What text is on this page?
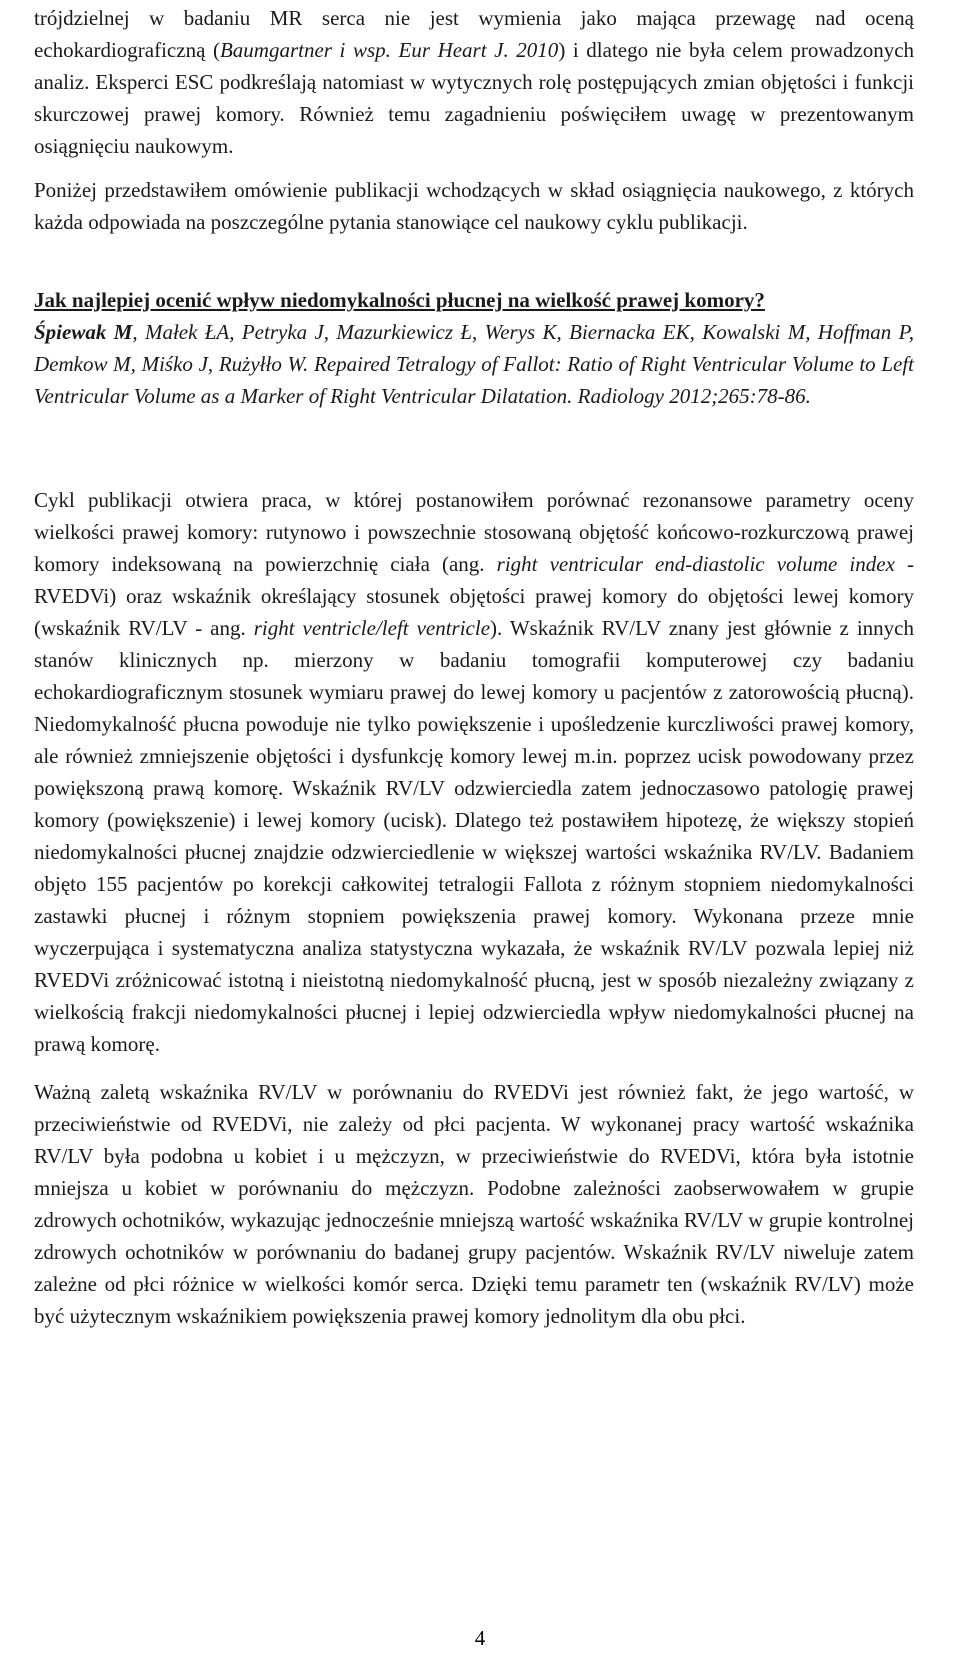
trójdzielnej w badaniu MR serca nie jest wymienia jako mająca przewagę nad oceną echokardiograficzną (Baumgartner i wsp. Eur Heart J. 2010) i dlatego nie była celem prowadzonych analiz. Eksperci ESC podkreślają natomiast w wytycznych rolę postępujących zmian objętości i funkcji skurczowej prawej komory. Również temu zagadnieniu poświęciłem uwagę w prezentowanym osiągnięciu naukowym.

Poniżej przedstawiłem omówienie publikacji wchodzących w skład osiągnięcia naukowego, z których każda odpowiada na poszczególne pytania stanowiące cel naukowy cyklu publikacji.

Jak najlepiej ocenić wpływ niedomykalności płucnej na wielkość prawej komory?

Śpiewak M, Małek ŁA, Petryka J, Mazurkiewicz Ł, Werys K, Biernacka EK, Kowalski M, Hoffman P, Demkow M, Miśko J, Rużyłło W. Repaired Tetralogy of Fallot: Ratio of Right Ventricular Volume to Left Ventricular Volume as a Marker of Right Ventricular Dilatation. Radiology 2012;265:78-86.

Cykl publikacji otwiera praca, w której postanowiłem porównać rezonansowe parametry oceny wielkości prawej komory: rutynowo i powszechnie stosowaną objętość końcowo-rozkurczową prawej komory indeksowaną na powierzchnię ciała (ang. right ventricular end-diastolic volume index - RVEDVi) oraz wskaźnik określający stosunek objętości prawej komory do objętości lewej komory (wskaźnik RV/LV - ang. right ventricle/left ventricle). Wskaźnik RV/LV znany jest głównie z innych stanów klinicznych np. mierzony w badaniu tomografii komputerowej czy badaniu echokardiograficznym stosunek wymiaru prawej do lewej komory u pacjentów z zatorowością płucną). Niedomykalność płucna powoduje nie tylko powiększenie i upośledzenie kurczliwości prawej komory, ale również zmniejszenie objętości i dysfunkcję komory lewej m.in. poprzez ucisk powodowany przez powiększoną prawą komorę. Wskaźnik RV/LV odzwierciedla zatem jednoczasowo patologię prawej komory (powiększenie) i lewej komory (ucisk). Dlatego też postawiłem hipotezę, że większy stopień niedomykalności płucnej znajdzie odzwierciedlenie w większej wartości wskaźnika RV/LV. Badaniem objęto 155 pacjentów po korekcji całkowitej tetralogii Fallota z różnym stopniem niedomykalności zastawki płucnej i różnym stopniem powiększenia prawej komory. Wykonana przeze mnie wyczerpująca i systematyczna analiza statystyczna wykazała, że wskaźnik RV/LV pozwala lepiej niż RVEDVi zróżnicować istotną i nieistotną niedomykalność płucną, jest w sposób niezależny związany z wielkością frakcji niedomykalności płucnej i lepiej odzwierciedla wpływ niedomykalności płucnej na prawą komorę.

Ważną zaletą wskaźnika RV/LV w porównaniu do RVEDVi jest również fakt, że jego wartość, w przeciwieństwie od RVEDVi, nie zależy od płci pacjenta. W wykonanej pracy wartość wskaźnika RV/LV była podobna u kobiet i u mężczyzn, w przeciwieństwie do RVEDVi, która była istotnie mniejsza u kobiet w porównaniu do mężczyzn. Podobne zależności zaobserwowałem w grupie zdrowych ochotników, wykazując jednocześnie mniejszą wartość wskaźnika RV/LV w grupie kontrolnej zdrowych ochotników w porównaniu do badanej grupy pacjentów. Wskaźnik RV/LV niweluje zatem zależne od płci różnice w wielkości komór serca. Dzięki temu parametr ten (wskaźnik RV/LV) może być użytecznym wskaźnikiem powiększenia prawej komory jednolitym dla obu płci.

4
